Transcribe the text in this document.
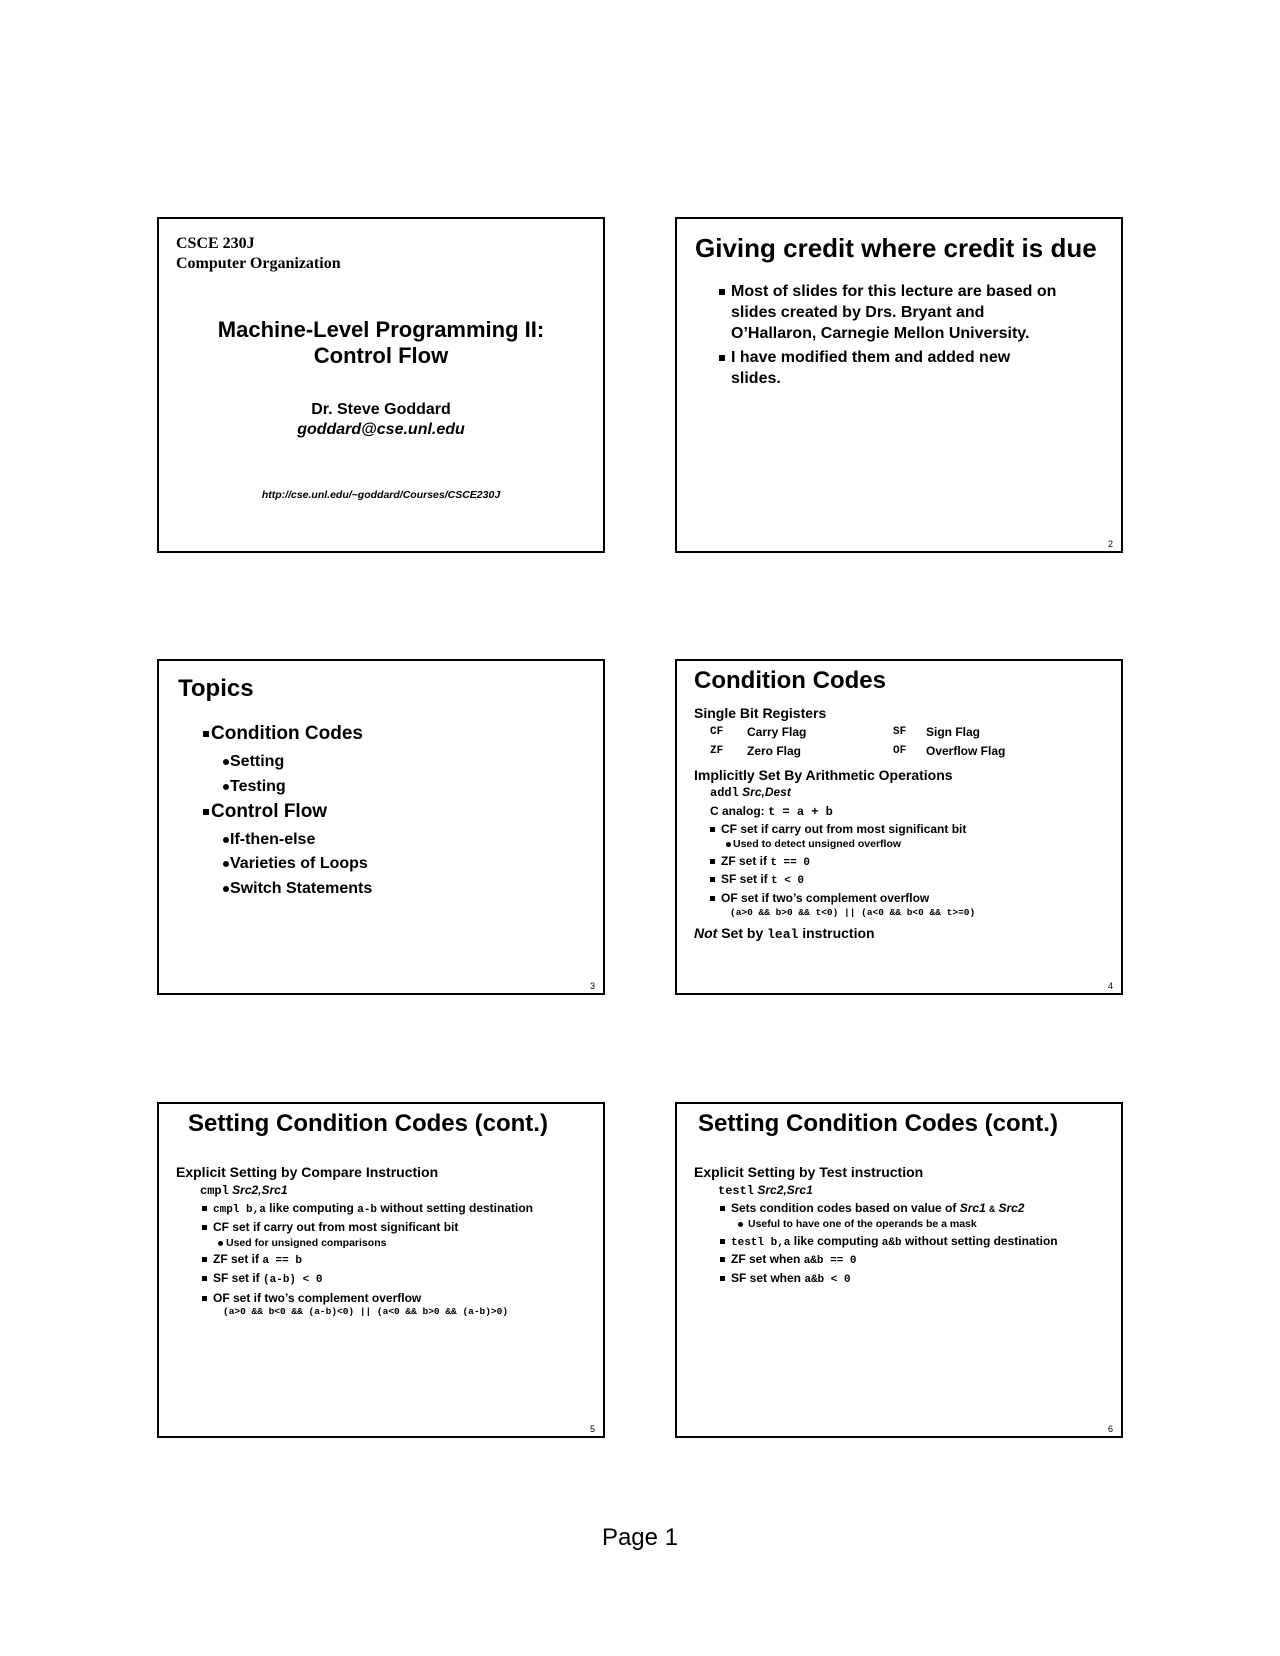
CSCE 230J
Computer Organization
Machine-Level Programming II:
Control Flow
Dr. Steve Goddard
goddard@cse.unl.edu
http://cse.unl.edu/~goddard/Courses/CSCE230J
Giving credit where credit is due
Most of slides for this lecture are based on
slides created by Drs. Bryant and
O’Hallaron, Carnegie Mellon University.
I have modified them and added new
slides.
2
Topics
Condition Codes
Setting
Testing
Control Flow
If-then-else
Varieties of Loops
Switch Statements
3
Condition Codes
Single Bit Registers
CF Carry Flag	SF Sign Flag
ZF Zero Flag	OF Overflow Flag
Implicitly Set By Arithmetic Operations
addl Src,Dest
C analog: t = a + b
CF set if carry out from most significant bit
Used to detect unsigned overflow
ZF set if t == 0
SF set if t < 0
OF set if two’s complement overflow
(a>0 && b>0 && t<0) || (a<0 && b<0 && t>=0)
Not Set by leal instruction
4
Setting Condition Codes (cont.)
Explicit Setting by Compare Instruction
cmpl Src2,Src1
cmpl b,a like computing a-b without setting destination
CF set if carry out from most significant bit
Used for unsigned comparisons
ZF set if a == b
SF set if (a-b) < 0
OF set if two’s complement overflow
(a>0 && b<0 && (a-b)<0) || (a<0 && b>0 && (a-b)>0)
5
Setting Condition Codes (cont.)
Explicit Setting by Test instruction
testl Src2,Src1
Sets condition codes based on value of Src1 & Src2
Useful to have one of the operands be a mask
testl b,a like computing a&b without setting destination
ZF set when a&b == 0
SF set when a&b < 0
6
Page 1
